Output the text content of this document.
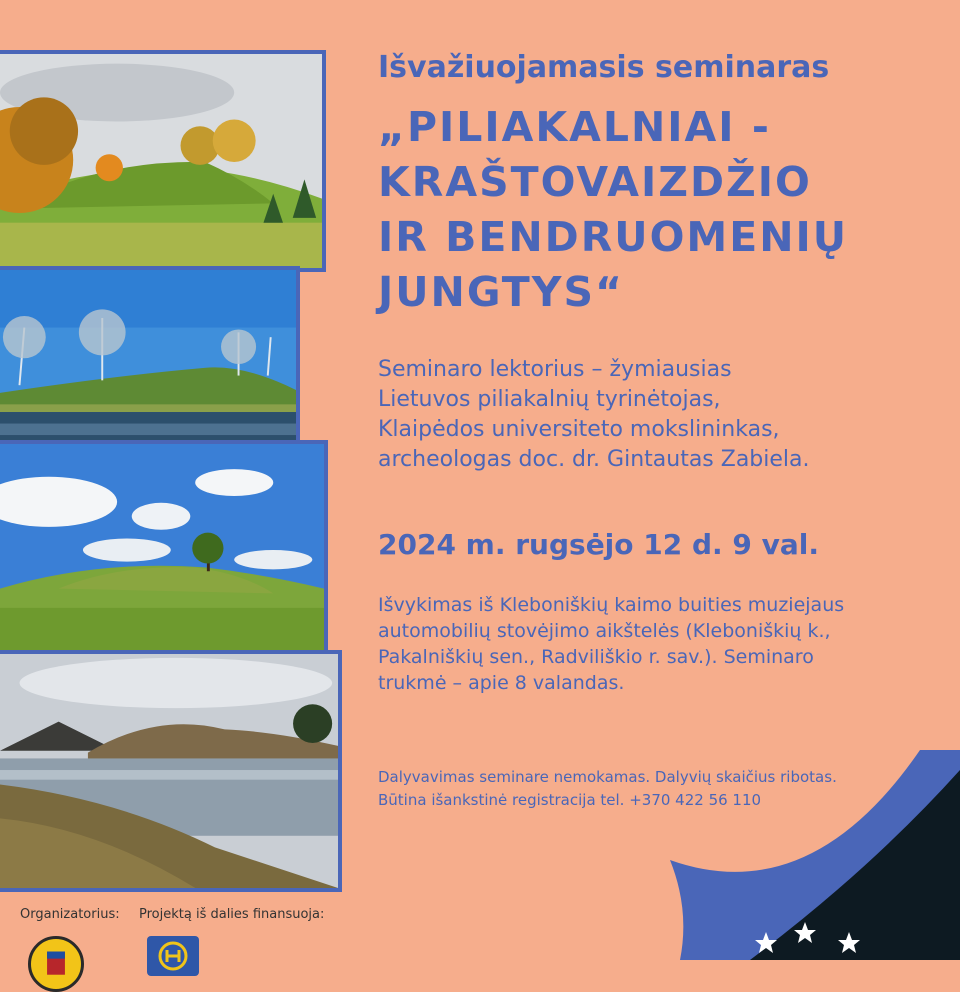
Išvažiuojamasis seminaras
„PILIAKALNIAI -
KRAŠTOVAIZDŽIO
IR BENDRUOMENIŲ
JUNGTYS“
Seminaro lektorius – žymiausias
Lietuvos piliakalnių tyrinėtojas,
Klaipėdos universiteto mokslininkas,
archeologas doc. dr. Gintautas Zabiela.
2024 m. rugsėjo 12 d. 9 val.
Išvykimas iš Kleboniškių kaimo buities muziejaus
automobilių stovėjimo aikštelės (Kleboniškių k.,
Pakalniškių sen., Radviliškio r. sav.). Seminaro
trukmė – apie 8 valandas.
Dalyvavimas seminare nemokamas. Dalyvių skaičius ribotas.
Būtina išankstinė registracija tel. +370 422 56 110
Organizatorius: Projektą iš dalies finansuoja:
